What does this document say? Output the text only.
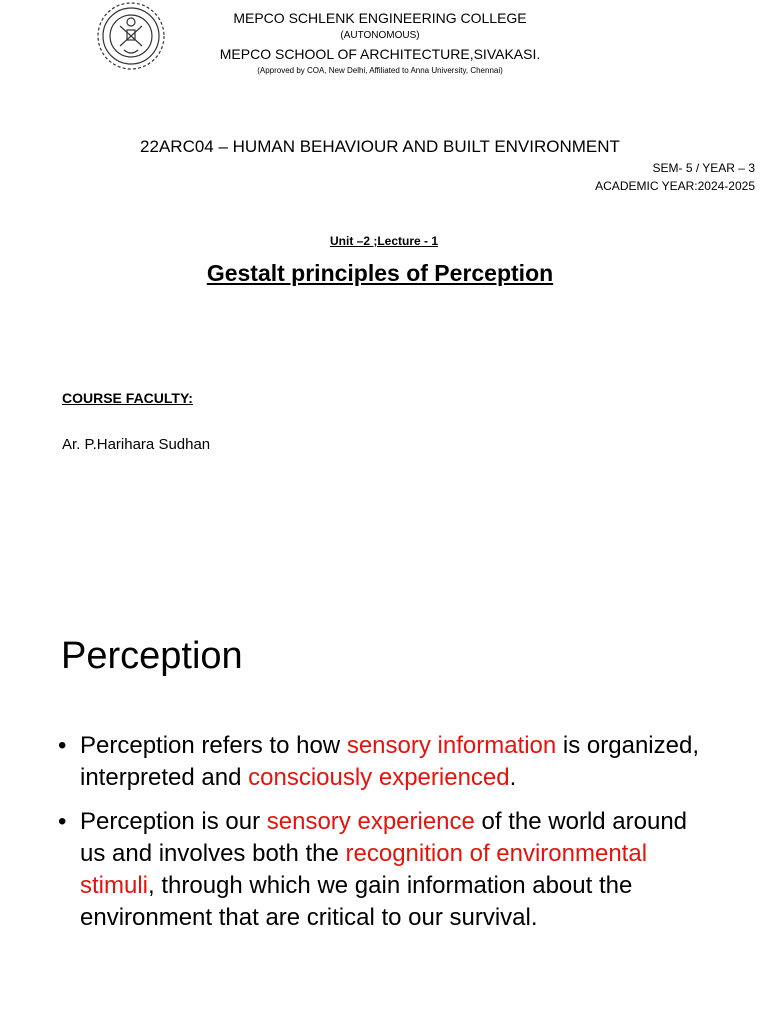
MEPCO SCHLENK ENGINEERING COLLEGE
(AUTONOMOUS)
MEPCO SCHOOL OF ARCHITECTURE,SIVAKASI.
(Approved by COA, New Delhi, Affiliated to Anna University, Chennai)
22ARC04 – HUMAN BEHAVIOUR AND BUILT ENVIRONMENT
SEM- 5 / YEAR – 3
ACADEMIC YEAR:2024-2025
Unit –2 ;Lecture - 1
Gestalt principles of Perception
COURSE FACULTY:
Ar. P.Harihara Sudhan
Perception
• Perception refers to how sensory information is organized, interpreted and consciously experienced.
• Perception is our sensory experience of the world around us and involves both the recognition of environmental stimuli, through which we gain information about the environment that are critical to our survival.
